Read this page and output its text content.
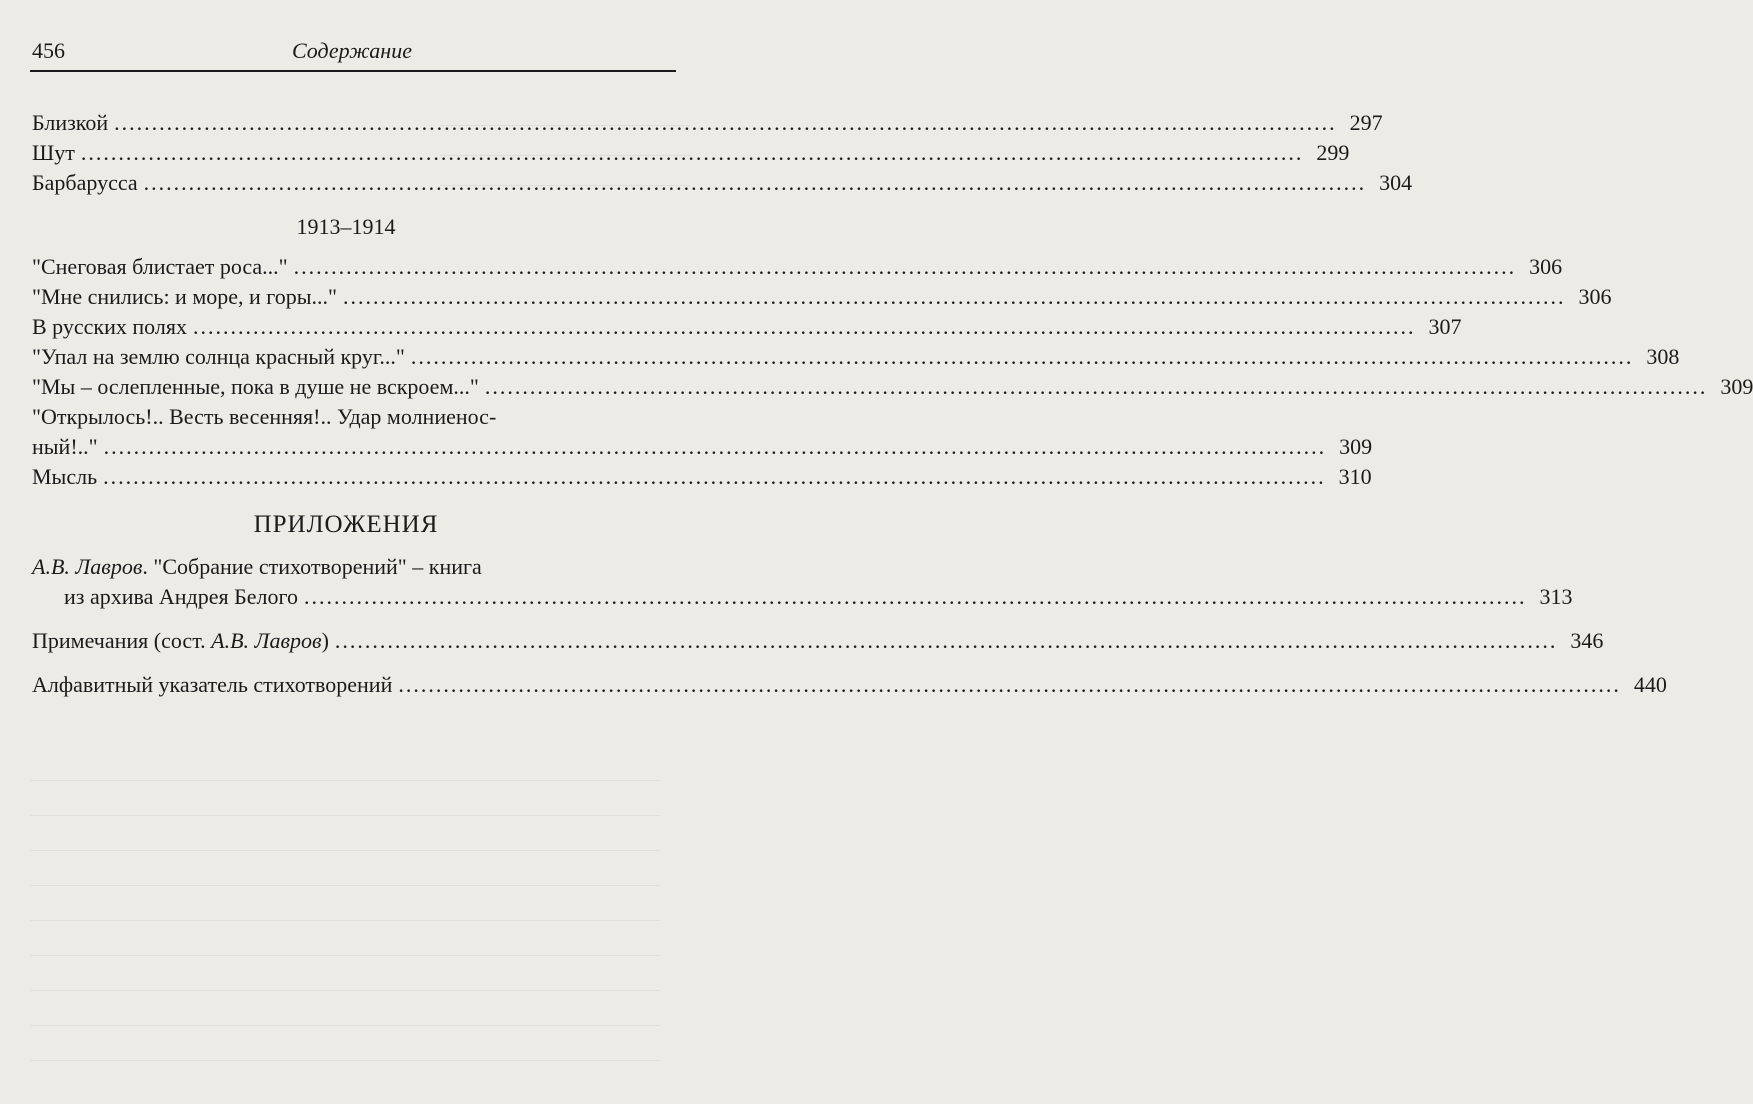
456	Содержание
Близкой .....	297
Шут .....	299
Барбарусса .....	304
1913–1914
"Снеговая блистает роса..." .....	306
"Мне снились: и море, и горы..." .....	306
В русских полях .....	307
"Упал на землю солнца красный круг..." .....	308
"Мы – ослепленные, пока в душе не вскроем..." .....	309
"Открылось!.. Весть весенняя!.. Удар молниенос-
ный!.." .....	309
Мысль .....	310
ПРИЛОЖЕНИЯ
А.В. Лавров. "Собрание стихотворений" – книга
из архива Андрея Белого .....	313
Примечания (сост. А.В. Лавров) .....	346
Алфавитный указатель стихотворений .....	440
